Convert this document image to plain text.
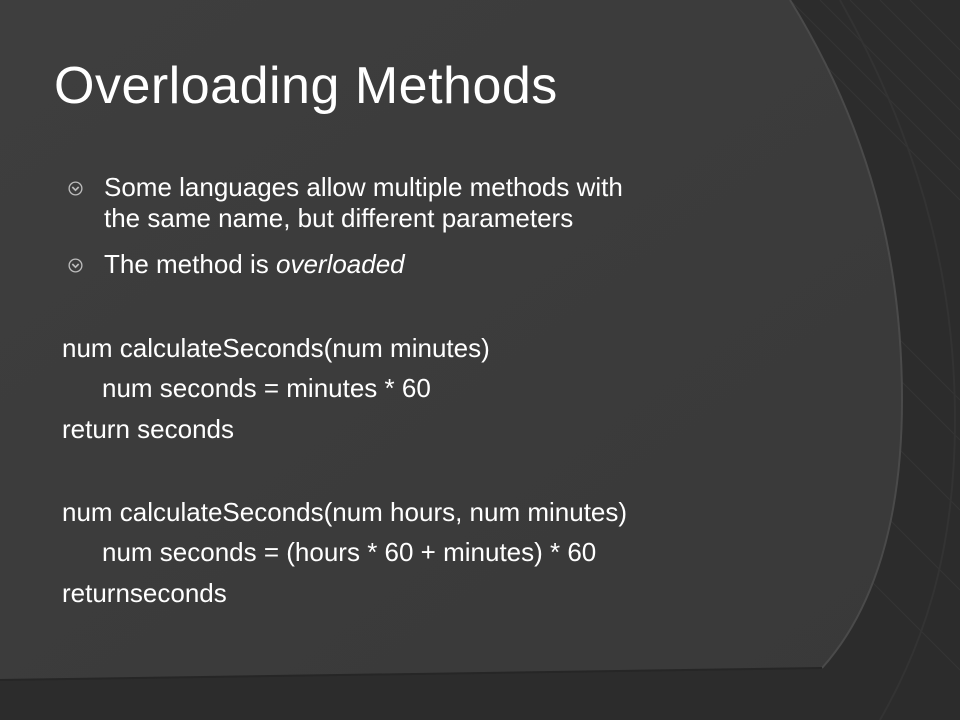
Overloading Methods
Some languages allow multiple methods with
the same name, but different parameters
The method is overloaded
num calculateSeconds(num minutes)
num seconds = minutes * 60
return seconds
num calculateSeconds(num hours, num minutes)
num seconds = (hours * 60 + minutes) * 60
returnseconds
